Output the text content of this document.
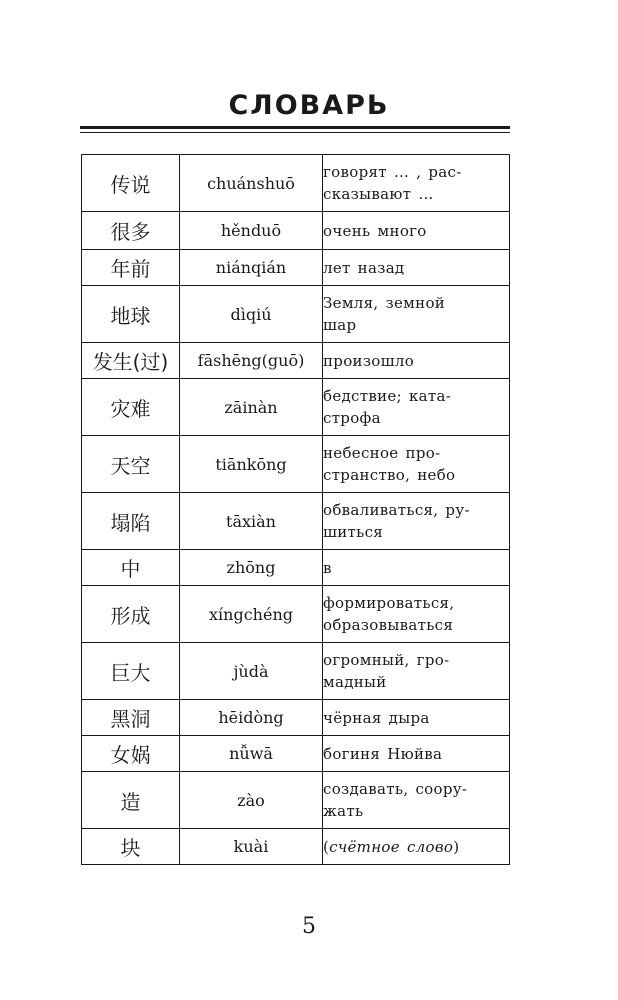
СЛОВАРЬ
传说	chuánshuō	говорят … , рас-
сказывают …
很多	hěnduō	очень много
年前	niánqián	лет назад
地球	dìqiú	Земля, земной
шар
发生(过)	fāshēng(guō)	произошло
灾难	zāinàn	бедствие; ката-
строфа
天空	tiānkōng	небесное про-
странство, небо
塌陷	tāxiàn	обваливаться, ру-
шиться
中	zhōng	в
形成	xíngchéng	формироваться,
образовываться
巨大	jùdà	огромный, гро-
мадный
黑洞	hēidòng	чёрная дыра
女娲	nǚwā	богиня Нюйва
造	zào	создавать, соору-
жать
块	kuài	(счётное слово)
5
